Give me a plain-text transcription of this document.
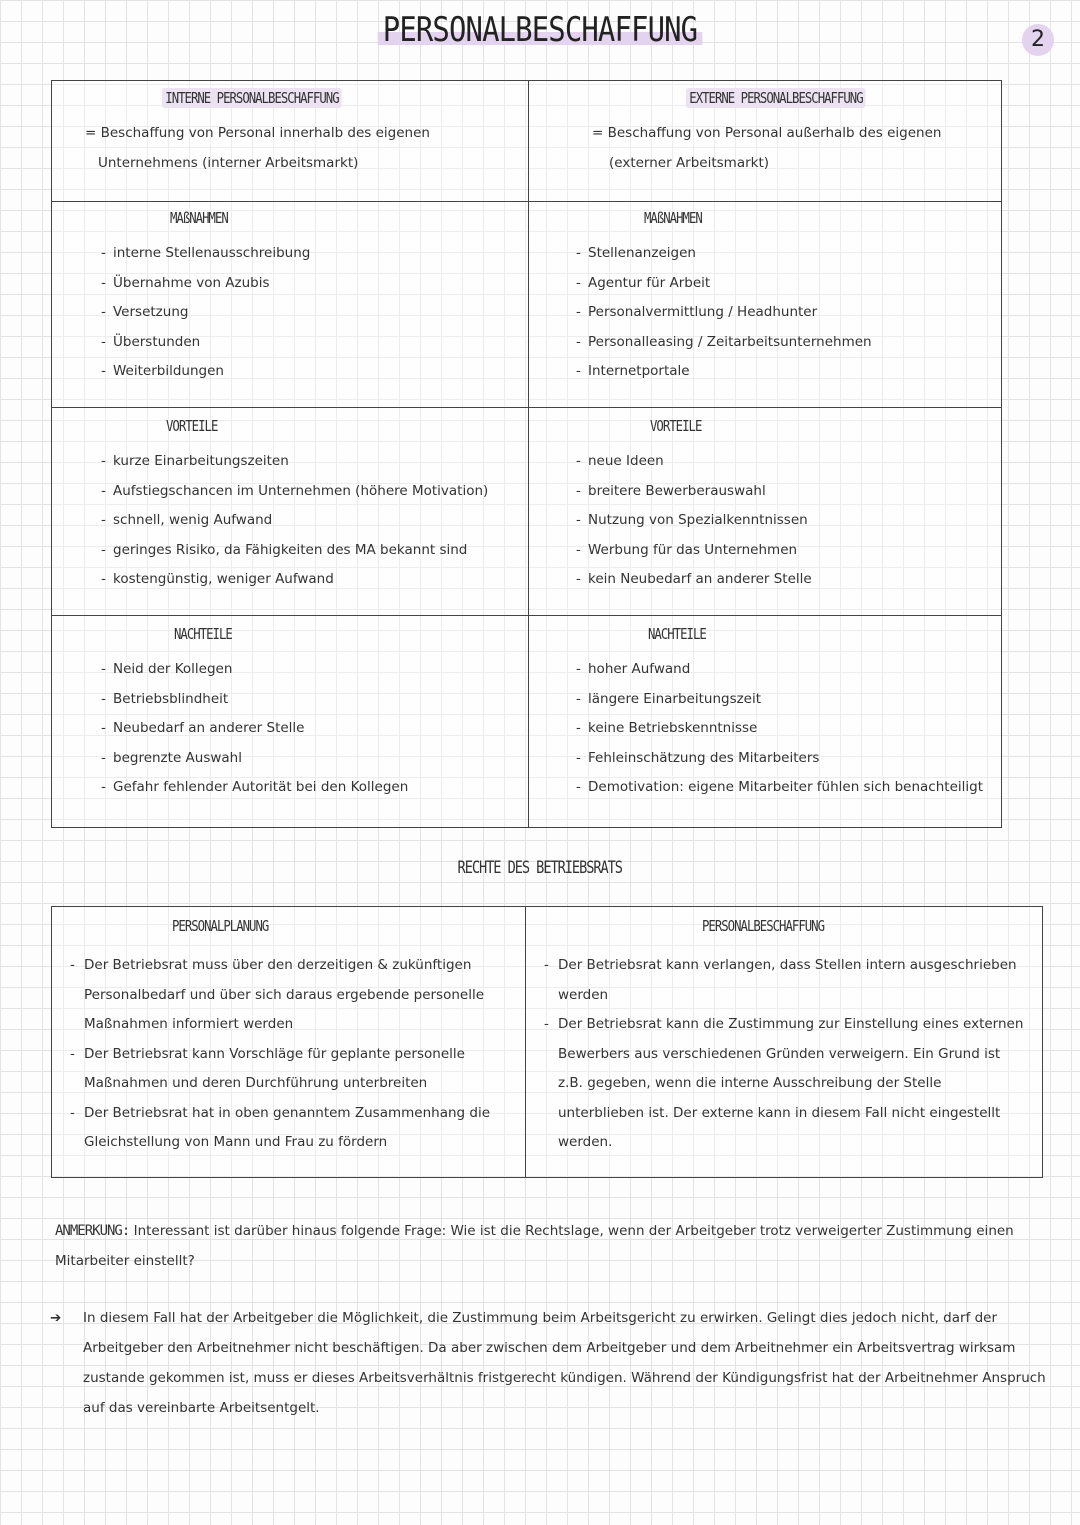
PERSONALBESCHAFFUNG	2
INTERNE PERSONALBESCHAFFUNG
= Beschaffung von Personal innerhalb des eigenen
Unternehmens (interner Arbeitsmarkt)
EXTERNE PERSONALBESCHAFFUNG
= Beschaffung von Personal außerhalb des eigenen
(externer Arbeitsmarkt)
MAßNAHMEN
- interne Stellenausschreibung
- Übernahme von Azubis
- Versetzung
- Überstunden
- Weiterbildungen
MAßNAHMEN
- Stellenanzeigen
- Agentur für Arbeit
- Personalvermittlung / Headhunter
- Personalleasing / Zeitarbeitsunternehmen
- Internetportale
VORTEILE
- kurze Einarbeitungszeiten
- Aufstiegschancen im Unternehmen (höhere Motivation)
- schnell, wenig Aufwand
- geringes Risiko, da Fähigkeiten des MA bekannt sind
- kostengünstig, weniger Aufwand
VORTEILE
- neue Ideen
- breitere Bewerberauswahl
- Nutzung von Spezialkenntnissen
- Werbung für das Unternehmen
- kein Neubedarf an anderer Stelle
NACHTEILE
- Neid der Kollegen
- Betriebsblindheit
- Neubedarf an anderer Stelle
- begrenzte Auswahl
- Gefahr fehlender Autorität bei den Kollegen
NACHTEILE
- hoher Aufwand
- längere Einarbeitungszeit
- keine Betriebskenntnisse
- Fehleinschätzung des Mitarbeiters
- Demotivation: eigene Mitarbeiter fühlen sich benachteiligt
RECHTE DES BETRIEBSRATS
PERSONALPLANUNG
- Der Betriebsrat muss über den derzeitigen & zukünftigen Personalbedarf und über sich daraus ergebende personelle Maßnahmen informiert werden
- Der Betriebsrat kann Vorschläge für geplante personelle Maßnahmen und deren Durchführung unterbreiten
- Der Betriebsrat hat in oben genanntem Zusammenhang die Gleichstellung von Mann und Frau zu fördern
PERSONALBESCHAFFUNG
- Der Betriebsrat kann verlangen, dass Stellen intern ausgeschrieben werden
- Der Betriebsrat kann die Zustimmung zur Einstellung eines externen Bewerbers aus verschiedenen Gründen verweigern. Ein Grund ist z.B. gegeben, wenn die interne Ausschreibung der Stelle unterblieben ist. Der externe kann in diesem Fall nicht eingestellt werden.
ANMERKUNG: Interessant ist darüber hinaus folgende Frage: Wie ist die Rechtslage, wenn der Arbeitgeber trotz verweigerter Zustimmung einen Mitarbeiter einstellt?
➔ In diesem Fall hat der Arbeitgeber die Möglichkeit, die Zustimmung beim Arbeitsgericht zu erwirken. Gelingt dies jedoch nicht, darf der Arbeitgeber den Arbeitnehmer nicht beschäftigen. Da aber zwischen dem Arbeitgeber und dem Arbeitnehmer ein Arbeitsvertrag wirksam zustande gekommen ist, muss er dieses Arbeitsverhältnis fristgerecht kündigen. Während der Kündigungsfrist hat der Arbeitnehmer Anspruch auf das vereinbarte Arbeitsentgelt.
